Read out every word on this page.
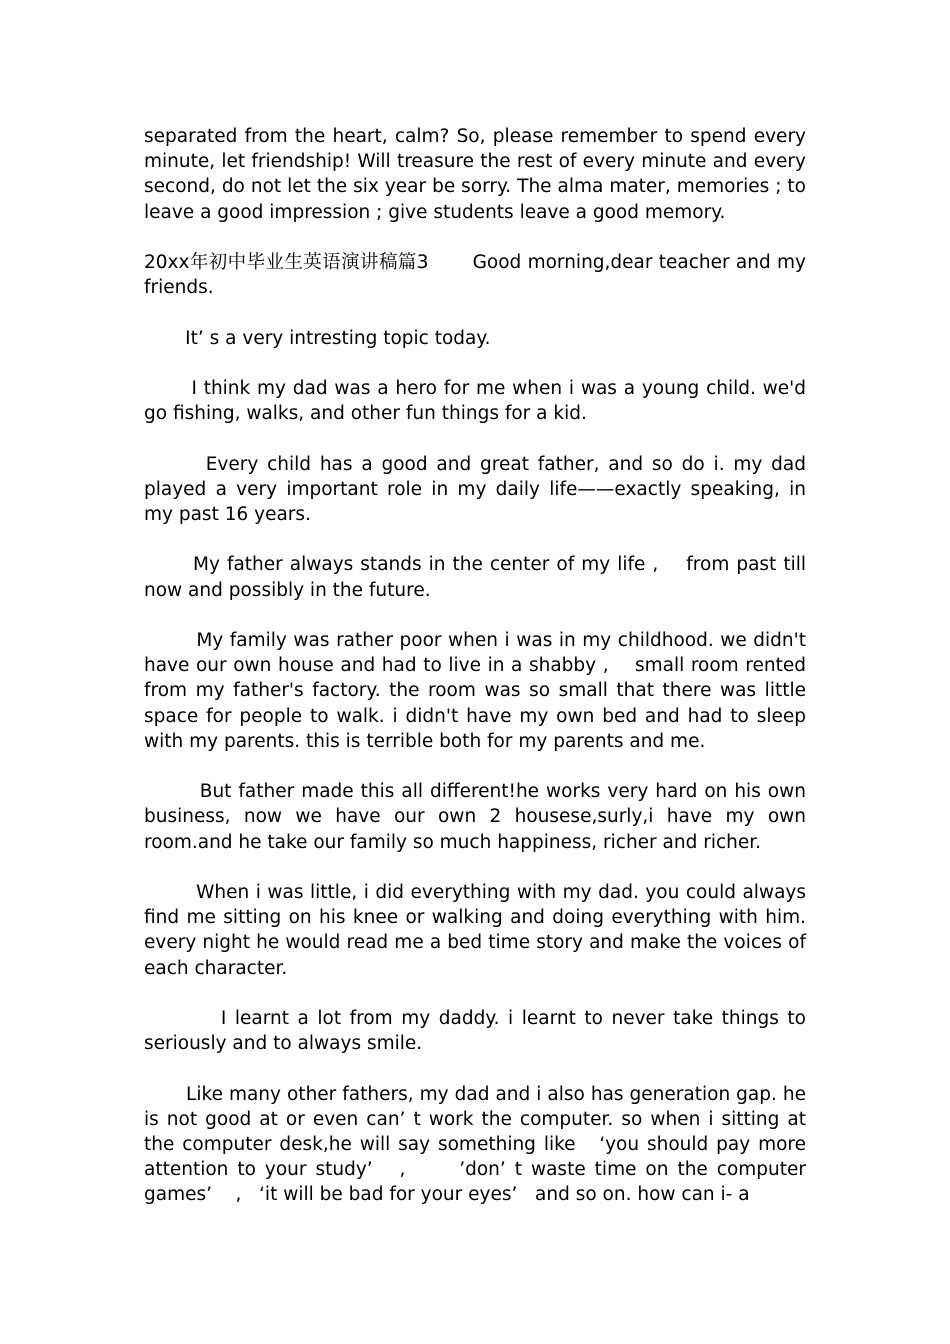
separated from the heart, calm? So, please remember to spend every minute, let friendship! Will treasure the rest of every minute and every second, do not let the six year be sorry. The alma mater, memories ; to leave a good impression ; give students leave a good memory.

20xx年初中毕业生英语演讲稿篇3       Good morning,dear teacher and my friends.

It’ s a very intresting topic today.

I think my dad was a hero for me when i was a young child. we'd go fishing, walks, and other fun things for a kid.

Every child has a good and great father, and so do i. my dad played a very important role in my daily life——exactly speaking, in my past 16 years.

My father always stands in the center of my life ,    from past till now and possibly in the future.

My family was rather poor when i was in my childhood. we didn't have our own house and had to live in a shabby ,    small room rented from my father's factory. the room was so small that there was little space for people to walk. i didn't have my own bed and had to sleep with my parents. this is terrible both for my parents and me.

But father made this all different!he works very hard on his own business, now we have our own 2 housese,surly,i have my own room.and he take our family so much happiness, richer and richer.

When i was little, i did everything with my dad. you could always find me sitting on his knee or walking and doing everything with him. every night he would read me a bed time story and make the voices of each character.

I learnt a lot from my daddy. i learnt to never take things to seriously and to always smile.

Like many other fathers, my dad and i also has generation gap. he is not good at or even can’ t work the computer. so when i sitting at the computer desk,he will say something like   ‘you should pay more attention to your study’   ,      ’don’ t waste time on the computer games’    ,   ‘it will be bad for your eyes’   and so on. how can i- a
